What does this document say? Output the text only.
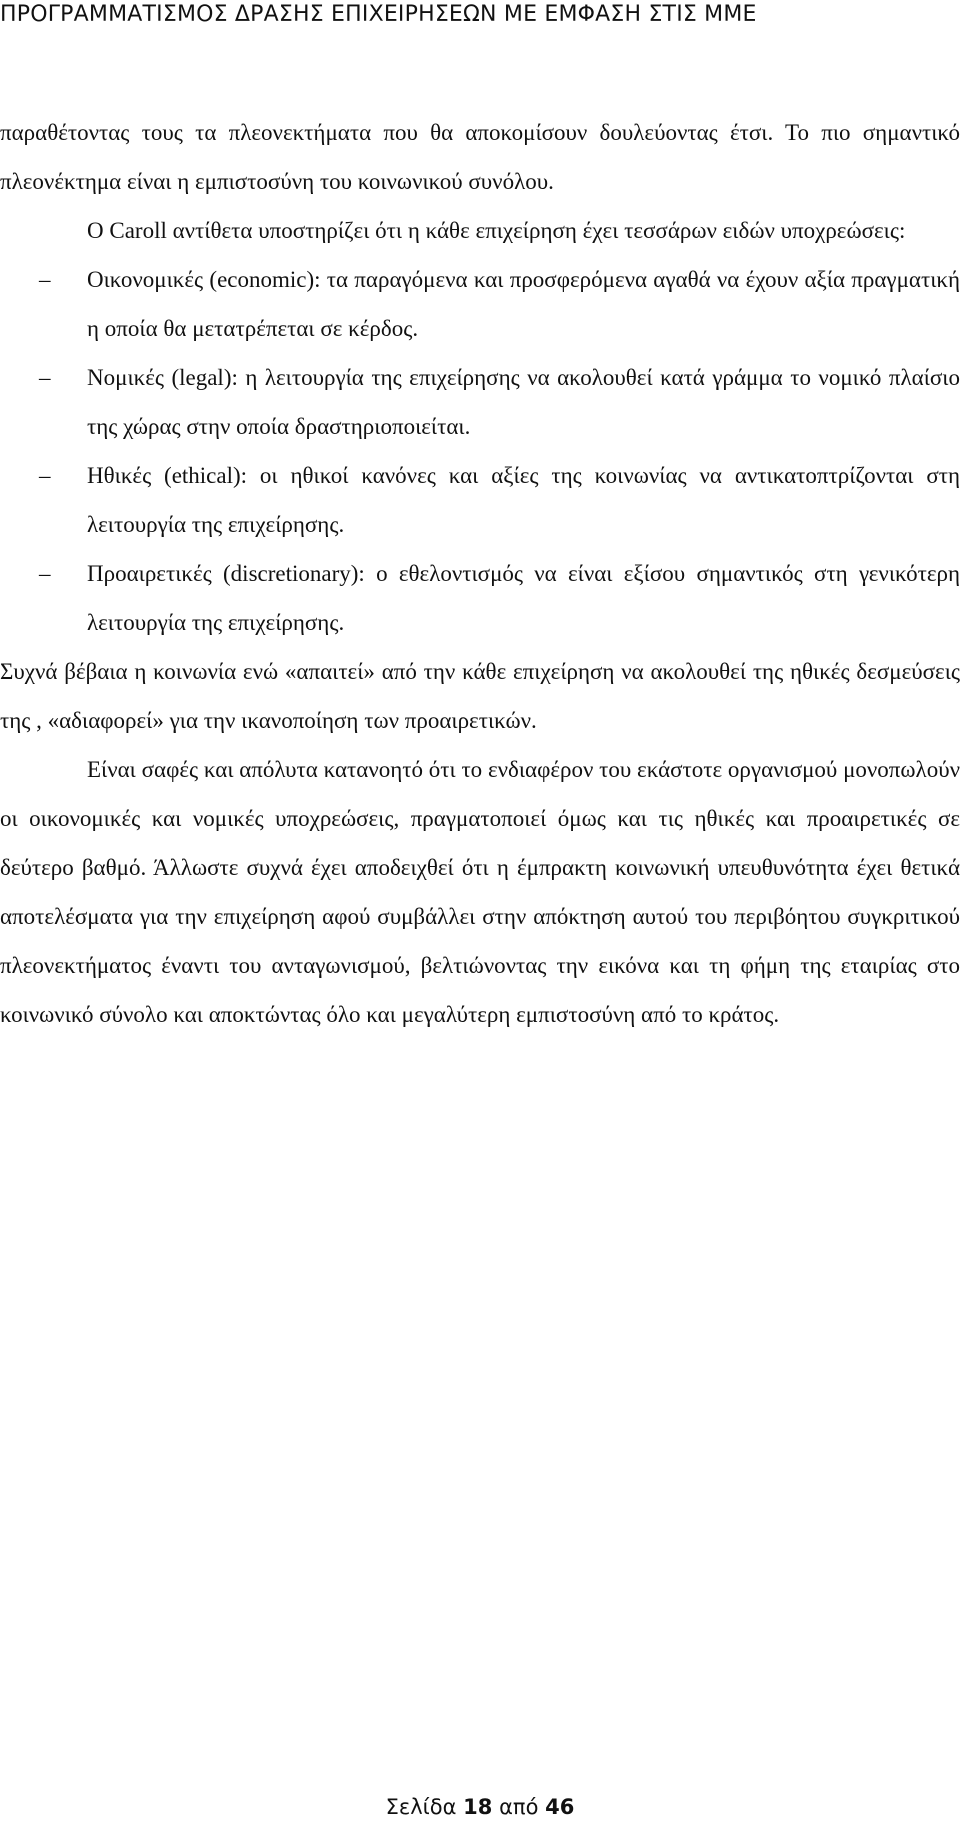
ΠΡΟΓΡΑΜΜΑΤΙΣΜΟΣ ΔΡΑΣΗΣ ΕΠΙΧΕΙΡΗΣΕΩΝ ΜΕ ΕΜΦΑΣΗ ΣΤΙΣ ΜΜΕ

παραθέτοντας τους τα πλεονεκτήματα που θα αποκομίσουν δουλεύοντας έτσι. Το πιο σημαντικό πλεονέκτημα είναι η εμπιστοσύνη του κοινωνικού συνόλου.

Ο Caroll αντίθετα υποστηρίζει ότι η κάθε επιχείρηση έχει τεσσάρων ειδών υποχρεώσεις:

– Οικονομικές (economic): τα παραγόμενα και προσφερόμενα αγαθά να έχουν αξία πραγματική η οποία θα μετατρέπεται σε κέρδος.
– Νομικές (legal): η λειτουργία της επιχείρησης να ακολουθεί κατά γράμμα το νομικό πλαίσιο της χώρας στην οποία δραστηριοποιείται.
– Ηθικές (ethical): οι ηθικοί κανόνες και αξίες της κοινωνίας να αντικατοπτρίζονται στη λειτουργία της επιχείρησης.
– Προαιρετικές (discretionary): ο εθελοντισμός να είναι εξίσου σημαντικός στη γενικότερη λειτουργία της επιχείρησης.

Συχνά βέβαια η κοινωνία ενώ «απαιτεί» από την κάθε επιχείρηση να ακολουθεί της ηθικές δεσμεύσεις της , «αδιαφορεί» για την ικανοποίηση των προαιρετικών.

Είναι σαφές και απόλυτα κατανοητό ότι το ενδιαφέρον του εκάστοτε οργανισμού μονοπωλούν οι οικονομικές και νομικές υποχρεώσεις, πραγματοποιεί όμως και τις ηθικές και προαιρετικές σε δεύτερο βαθμό. Άλλωστε συχνά έχει αποδειχθεί ότι η έμπρακτη κοινωνική υπευθυνότητα έχει θετικά αποτελέσματα για την επιχείρηση αφού συμβάλλει στην απόκτηση αυτού του περιβόητου συγκριτικού πλεονεκτήματος έναντι του ανταγωνισμού, βελτιώνοντας την εικόνα και τη φήμη της εταιρίας στο κοινωνικό σύνολο και αποκτώντας όλο και μεγαλύτερη εμπιστοσύνη από το κράτος.

Σελίδα 18 από 46
